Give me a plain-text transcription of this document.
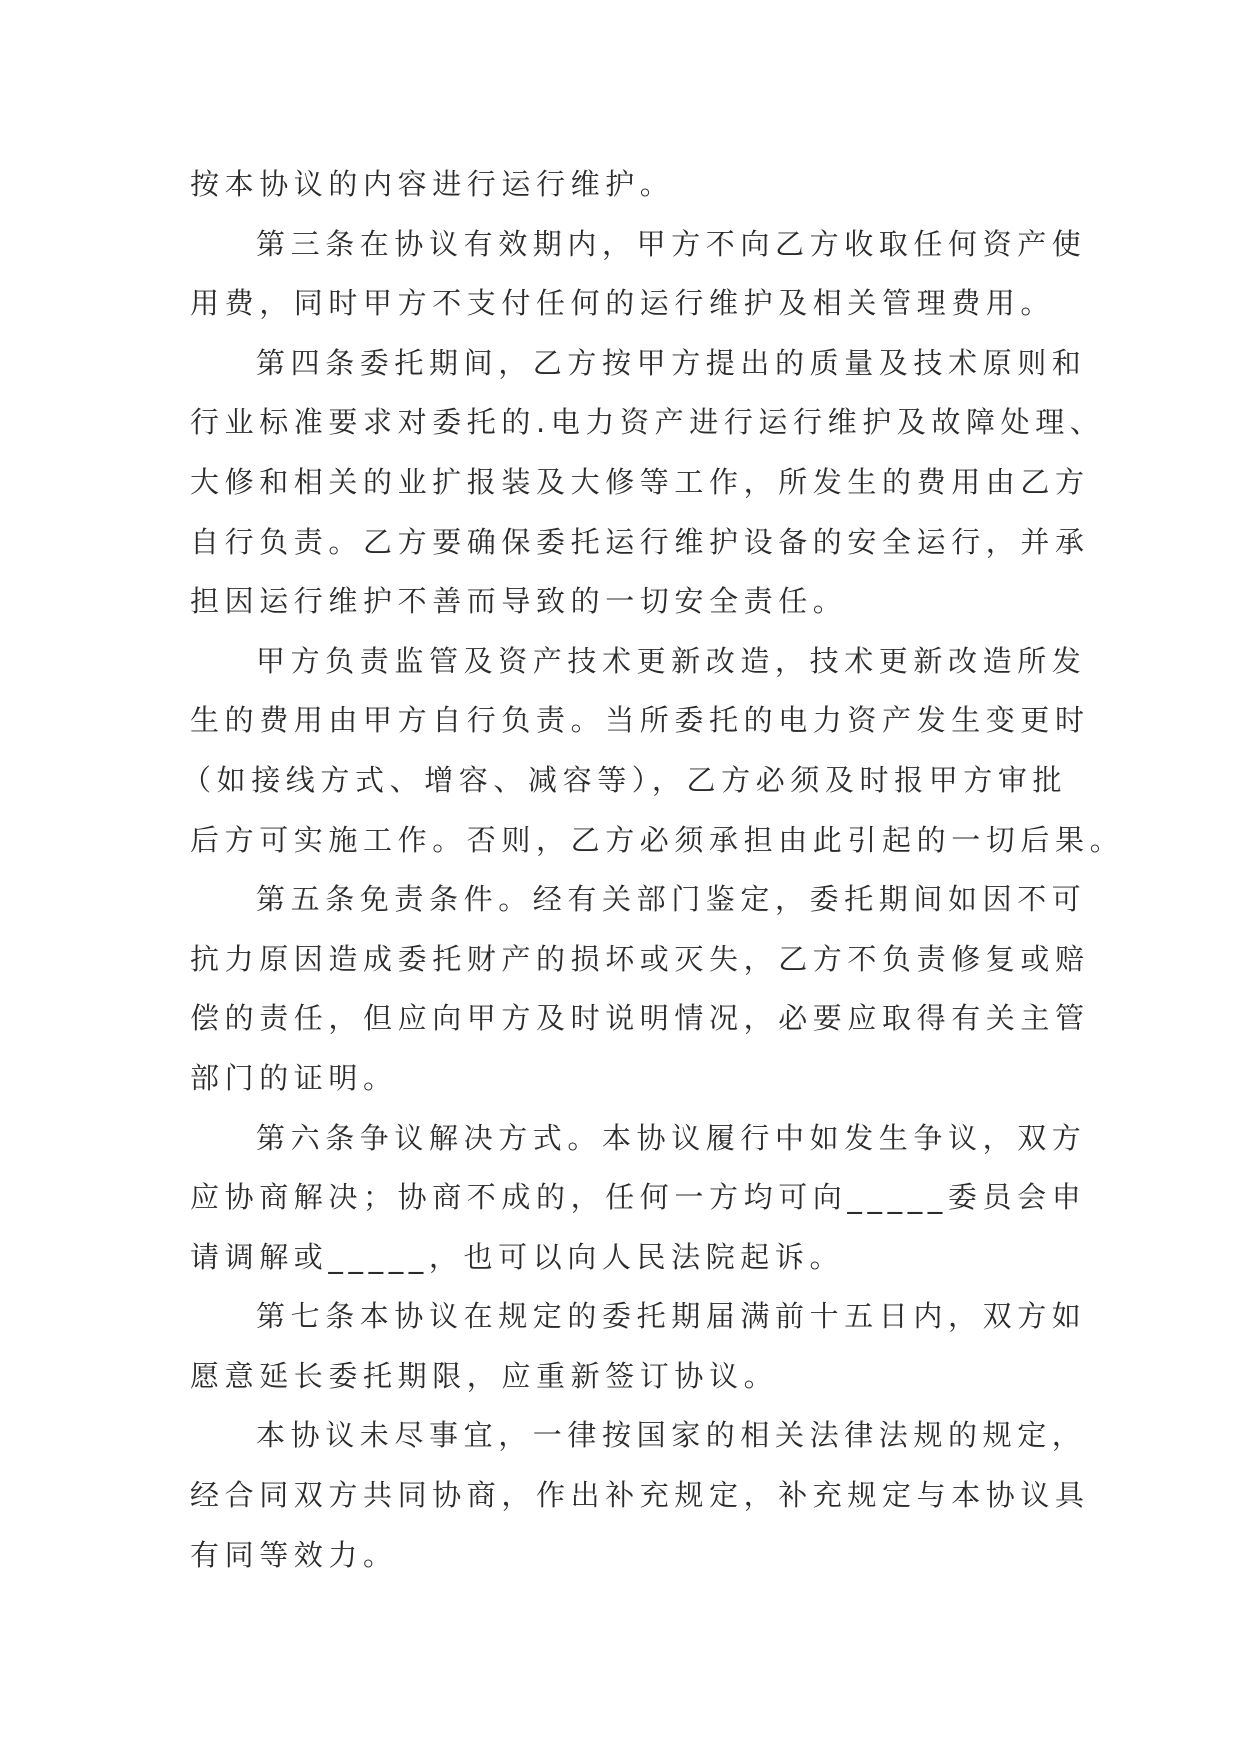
按本协议的内容进行运行维护。
第三条在协议有效期内，甲方不向乙方收取任何资产使
用费，同时甲方不支付任何的运行维护及相关管理费用。
第四条委托期间，乙方按甲方提出的质量及技术原则和
行业标准要求对委托的.电力资产进行运行维护及故障处理、
大修和相关的业扩报装及大修等工作，所发生的费用由乙方
自行负责。乙方要确保委托运行维护设备的安全运行，并承
担因运行维护不善而导致的一切安全责任。
甲方负责监管及资产技术更新改造，技术更新改造所发
生的费用由甲方自行负责。当所委托的电力资产发生变更时
（如接线方式、增容、减容等），乙方必须及时报甲方审批
后方可实施工作。否则，乙方必须承担由此引起的一切后果。
第五条免责条件。经有关部门鉴定，委托期间如因不可
抗力原因造成委托财产的损坏或灭失，乙方不负责修复或赔
偿的责任，但应向甲方及时说明情况，必要应取得有关主管
部门的证明。
第六条争议解决方式。本协议履行中如发生争议，双方
应协商解决；协商不成的，任何一方均可向_____委员会申
请调解或_____，也可以向人民法院起诉。
第七条本协议在规定的委托期届满前十五日内，双方如
愿意延长委托期限，应重新签订协议。
本协议未尽事宜，一律按国家的相关法律法规的规定，
经合同双方共同协商，作出补充规定，补充规定与本协议具
有同等效力。
